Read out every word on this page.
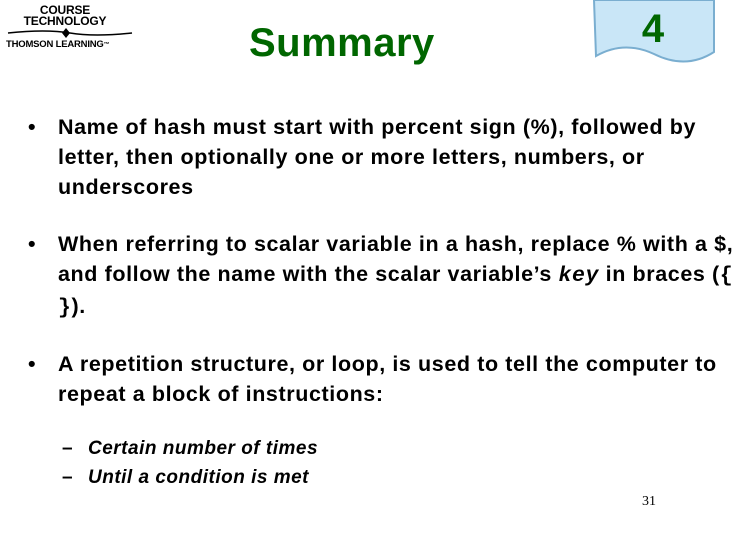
COURSE
TECHNOLOGY
THOMSON LEARNING™	Summary	4
• Name of hash must start with percent sign (%), followed by letter, then optionally one or more letters, numbers, or underscores
• When referring to scalar variable in a hash, replace % with a $, and follow the name with the scalar variable’s key in braces ({ }).
• A repetition structure, or loop, is used to tell the computer to repeat a block of instructions:
– Certain number of times
– Until a condition is met
31
